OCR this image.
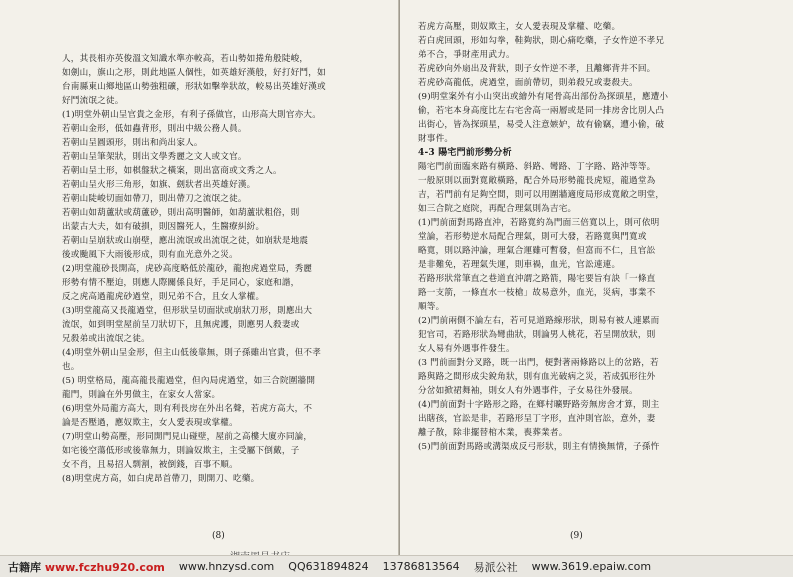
人，其長相亦英俊溫文知識水準亦較高，若山勢如捲角般陡峻，

如劍山，旗山之形，則此地區人個性，如英雄好漢般，好打好鬥，如

台南縣東山鄉地區山勢強粗礦，形狀如擊拳狀故，較易出英雄好漢或

好鬥流氓之徒。

(1)明堂外朝山呈官貴之金形，有利子孫做官，山形高大則官亦大。

若朝山金形，低如蟲背形，則出中級公務人員。

若朝山呈圓頭形，則出和尚出家人。

若朝山呈筆架狀，則出文學秀麗之文人或文官。

若朝山呈土形，如棋盤狀之橫案，則出富商或文秀之人。

若朝山呈火形三角形，如旗、劍狀者出英雄好漢。

若朝山陡峻切面如帶刀，則出帶刀之流氓之徒。

若朝山如葫蘆狀或葫蘆砂，則出高明醫師，如葫蘆狀粗俗，則

出蒙古大夫，如有破損，則因醫死人，生醫療糾紛。

若朝山呈崩狀或山崩壁，應出流氓或出流氓之徒，如崩狀是地震

後或颱風下大雨後形成，則有血光意外之災。

(2)明堂龍砂長開高，虎砂高度略低於龍砂，龍抱虎過堂局，秀麗

形勢有情不壓迫，則應人際關係良好，手足同心，家庭和諧，

反之虎高過龍虎砂過堂，則兄弟不合，且女人掌權。

(3)明堂龍高又長龍過堂，但形狀呈切面狀或崩狀刀形，則應出大

流氓，如到明堂屋前呈刀狀切下，且無虎護，則應男人殺妻或

兄殺弟或出流氓之徒。

(4)明堂外朝山呈金形，但主山低後靠無，則子孫雖出官貴，但不孝

也。

(5) 明堂格局，龍高龍長龍過堂，但內局虎過堂，如三合院圍牆開

龍門，則論在外男做主，在家女人當家。

(6)明堂外局龍方高大，則有利長房在外出名聲，若虎方高大，不

論是否壓過，應奴欺主，女人愛表現或掌權。

(7)明堂山勢高壓，形同開門見山碰壁，屋前之高樓大廈亦同論，

如宅後空蕩低形或後靠無力，則論奴欺主，主受屬下倒戴，子

女不肖，且易招人剽割，被倒錢，百事不順。

(8)明堂虎方高，如白虎昂首帶刀，則開刀、吃藥。

(8)

若虎方高壓，則奴欺主，女人愛表現及掌權、吃藥。

若白虎回頭，形如勾拳，鞋夠狀，則心痛吃藥，子女忤逆不孝兄

弟不合，爭財產用武力。

若虎砂向外扇出及背狀，則子女忤逆不孝，且離鄉背井不回。

若虎砂高龍低，虎過堂，面前帶切，則弟殺兄或妻殺夫。

(9)明堂案外有小山突出或繪外有尾骨高出部份為探頭星，應遭小

偷，若宅本身高度比左右宅舍高一兩層或是同一排房舍比別人凸

出街心，皆為探頭星，易受人注意嫉妒，故有偷竊，遭小偷，破

財事件。

4-3 陽宅門前形勢分析

陽宅門前面臨來路有橫路、斜路、彎路、丁字路、路沖等等。

一般原則以面對寬敞橫路，配合外局形勢龍長虎短，龍過堂為

吉，若門前有足夠空間，則可以用圍牆適度局形成寬敞之明堂，

如三合院之庭院，再配合理氣則為吉宅。

(1)門前面對馬路直沖，若路寬約為門面三倍寬以上，則可依明

堂論，若形勢逆水局配合理氣，則可大發，若路寬與門寬或

略寬，則以路沖論，理氣合運雖可暫發，但富而不仁，且官訟

是非難免，若理氣失運，則車禍，血光，官訟連連。

若路形狀常筆直之巷道直沖謂之路箭，陽宅要旨有訣「一條直

路一支箭，一條直水一枝槍」故易意外，血光，災病，事業不

順等。

(2)門前兩側不論左右，若可見道路線形狀，則易有被人連累而

犯官司，若路形狀為彎曲狀，則論男人桃花，若呈開放狀，則

女人易有外遇事件發生。

(3 門前面對分叉路，既一出門，便對著兩條路以上的岔路，若

路與路之間形成尖銳角狀，則有血光破病之災，若成弧形往外

分岔如掀裙舞袖，則女人有外遇事件，子女易往外發展。

(4)門前面對十字路形之路，在鄉村曠野路旁無房舍才算，則主

出瞎孩，官訟是非，若路形呈丁字形，直沖則官訟，意外，妻

離子散，除非擺替棺木業，喪葬業者。

(5)門前面對馬路或溝渠成反弓形狀，則主有情換無情，子孫忤

(9)
古籍库 www.fczhu920.com www.hnzysd.com QQ631894824 13786813564 易派公社 www.3619.epaiw.com
